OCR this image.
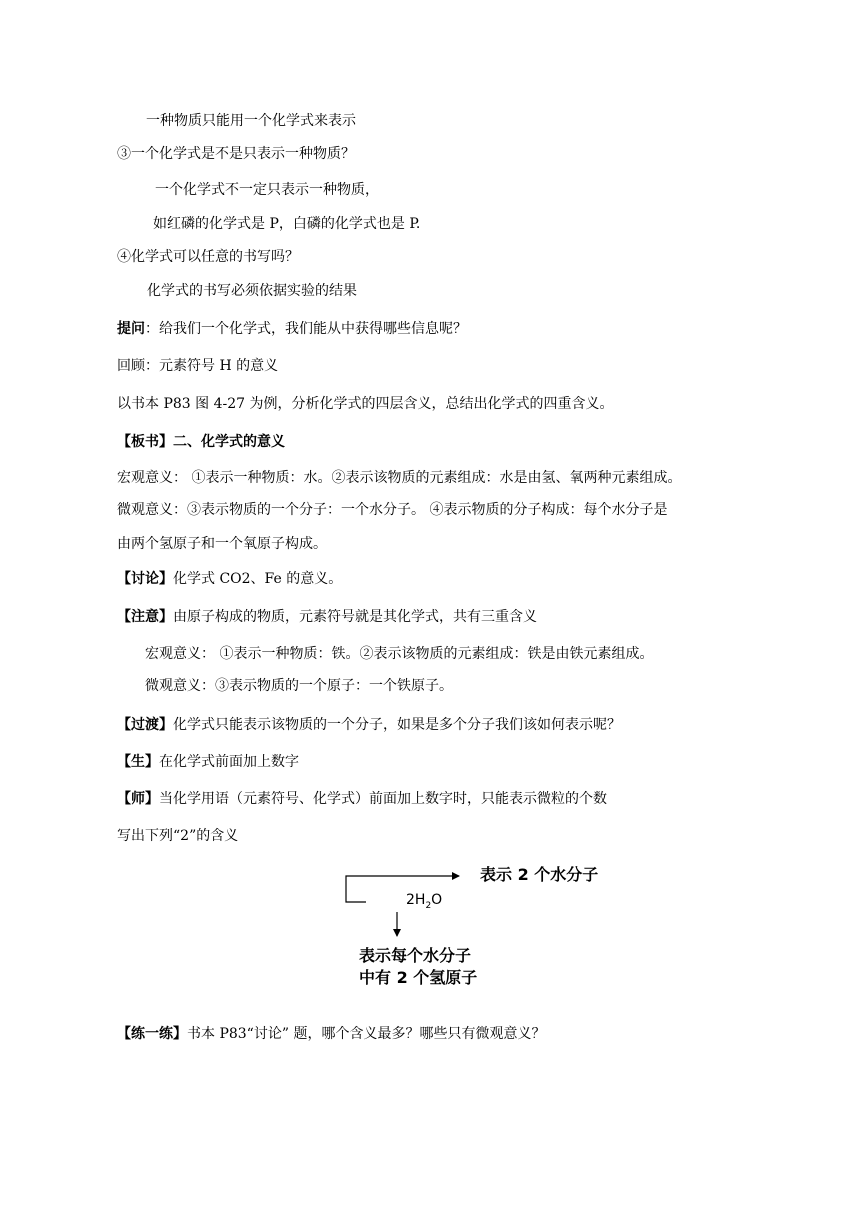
一种物质只能用一个化学式来表示
③一个化学式是不是只表示一种物质？
一个化学式不一定只表示一种物质，
如红磷的化学式是 P，白磷的化学式也是 P.
④化学式可以任意的书写吗？
化学式的书写必须依据实验的结果
提问：给我们一个化学式，我们能从中获得哪些信息呢？
回顾：元素符号 H 的意义
以书本 P83 图 4-27 为例，分析化学式的四层含义，总结出化学式的四重含义。
【板书】二、化学式的意义
宏观意义： ①表示一种物质：水。②表示该物质的元素组成：水是由氢、氧两种元素组成。
微观意义：③表示物质的一个分子：一个水分子。 ④表示物质的分子构成：每个水分子是
由两个氢原子和一个氧原子构成。
【讨论】化学式 CO2、Fe 的意义。
【注意】由原子构成的物质，元素符号就是其化学式，共有三重含义
宏观意义： ①表示一种物质：铁。②表示该物质的元素组成：铁是由铁元素组成。
微观意义：③表示物质的一个原子：一个铁原子。
【过渡】化学式只能表示该物质的一个分子，如果是多个分子我们该如何表示呢？
【生】在化学式前面加上数字
【师】当化学用语（元素符号、化学式）前面加上数字时，只能表示微粒的个数
写出下列“2”的含义
表示 2 个水分子
$2H_2O$
表示每个水分子
中有 2 个氢原子
【练一练】书本 P83“讨论” 题，哪个含义最多？哪些只有微观意义？
